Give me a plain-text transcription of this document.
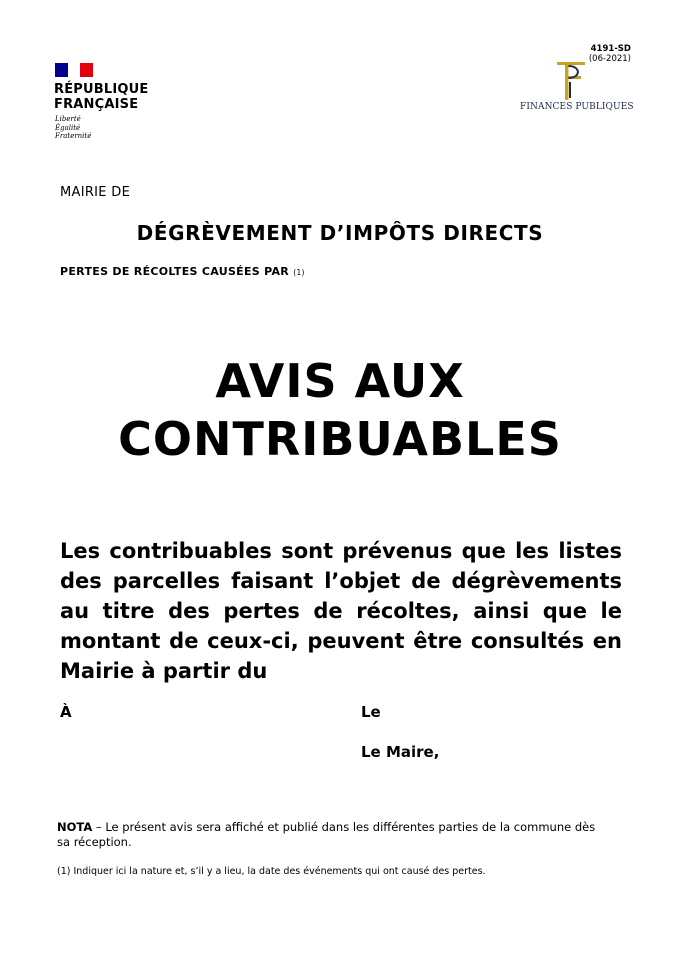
RÉPUBLIQUE
FRANÇAISE
Liberté
Égalité
Fraternité
4191-SD
(06-2021)
FINANCES PUBLIQUES
MAIRIE DE
DÉGRÈVEMENT D’IMPÔTS DIRECTS
PERTES DE RÉCOLTES CAUSÉES PAR (1)
AVIS AUX
CONTRIBUABLES
Les contribuables sont prévenus que les listes des parcelles faisant l’objet de dégrèvements au titre des pertes de récoltes, ainsi que le montant de ceux-ci, peuvent être consultés en Mairie à partir du
À	Le
Le Maire,
NOTA – Le présent avis sera affiché et publié dans les différentes parties de la commune dès sa réception.
(1) Indiquer ici la nature et, s’il y a lieu, la date des événements qui ont causé des pertes.
